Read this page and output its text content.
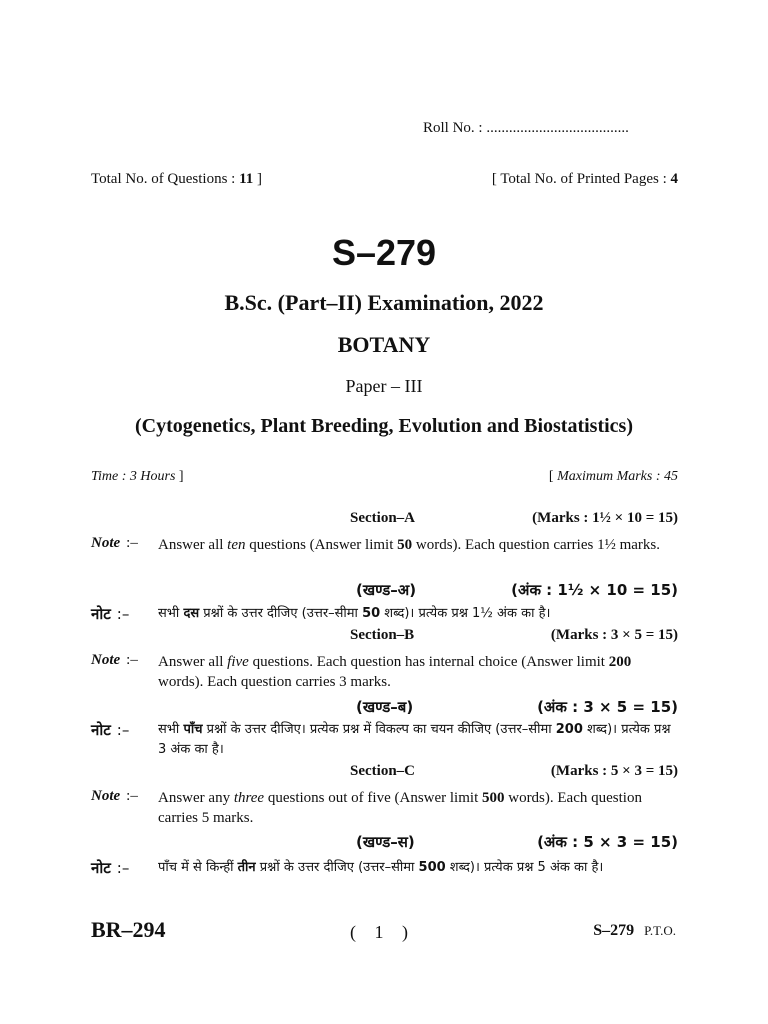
Roll No. : ......................................
Total No. of Questions : 11 ]	[ Total No. of Printed Pages : 4
S–279
B.Sc. (Part–II) Examination, 2022
BOTANY
Paper – III
(Cytogenetics, Plant Breeding, Evolution and Biostatistics)
Time : 3 Hours ]	[ Maximum Marks : 45
Section–A	(Marks : 1½ × 10 = 15)
Note :– Answer all ten questions (Answer limit 50 words). Each question carries 1½ marks.
(खण्ड–अ)	(अंक : 1½ × 10 = 15)
नोट :– सभी दस प्रश्नों के उत्तर दीजिए (उत्तर–सीमा 50 शब्द)। प्रत्येक प्रश्न 1½ अंक का है।
Section–B	(Marks : 3 × 5 = 15)
Note :– Answer all five questions. Each question has internal choice (Answer limit 200 words). Each question carries 3 marks.
(खण्ड–ब)	(अंक : 3 × 5 = 15)
नोट :– सभी पाँच प्रश्नों के उत्तर दीजिए। प्रत्येक प्रश्न में विकल्प का चयन कीजिए (उत्तर–सीमा 200 शब्द)। प्रत्येक प्रश्न 3 अंक का है।
Section–C	(Marks : 5 × 3 = 15)
Note :– Answer any three questions out of five (Answer limit 500 words). Each question carries 5 marks.
(खण्ड–स)	(अंक : 5 × 3 = 15)
नोट :– पाँच में से किन्हीं तीन प्रश्नों के उत्तर दीजिए (उत्तर–सीमा 500 शब्द)। प्रत्येक प्रश्न 5 अंक का है।
BR–294	( 1 )	S–279 P.T.O.
